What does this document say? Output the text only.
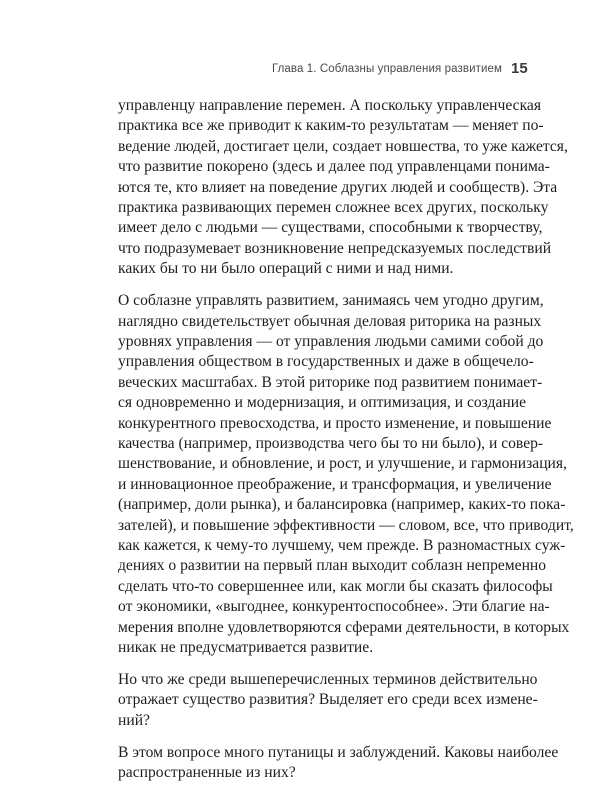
Глава 1. Соблазны управления развитием 15

управленцу направление перемен. А поскольку управленческая
практика все же приводит к каким-то результатам — меняет по-
ведение людей, достигает цели, создает новшества, то уже кажется,
что развитие покорено (здесь и далее под управленцами понима-
ются те, кто влияет на поведение других людей и сообществ). Эта
практика развивающих перемен сложнее всех других, поскольку
имеет дело с людьми — существами, способными к творчеству,
что подразумевает возникновение непредсказуемых последствий
каких бы то ни было операций с ними и над ними.

О соблазне управлять развитием, занимаясь чем угодно другим,
наглядно свидетельствует обычная деловая риторика на разных
уровнях управления — от управления людьми самими собой до
управления обществом в государственных и даже в общечело-
веческих масштабах. В этой риторике под развитием понимает-
ся одновременно и модернизация, и оптимизация, и создание
конкурентного превосходства, и просто изменение, и повышение
качества (например, производства чего бы то ни было), и совер-
шенствование, и обновление, и рост, и улучшение, и гармонизация,
и инновационное преображение, и трансформация, и увеличение
(например, доли рынка), и балансировка (например, каких-то пока-
зателей), и повышение эффективности — словом, все, что приводит,
как кажется, к чему-то лучшему, чем прежде. В разномастных суж-
дениях о развитии на первый план выходит соблазн непременно
сделать что-то совершеннее или, как могли бы сказать философы
от экономики, «выгоднее, конкурентоспособнее». Эти благие на-
мерения вполне удовлетворяются сферами деятельности, в которых
никак не предусматривается развитие.

Но что же среди вышеперечисленных терминов действительно
отражает существо развития? Выделяет его среди всех измене-
ний?

В этом вопросе много путаницы и заблуждений. Каковы наиболее
распространенные из них?
